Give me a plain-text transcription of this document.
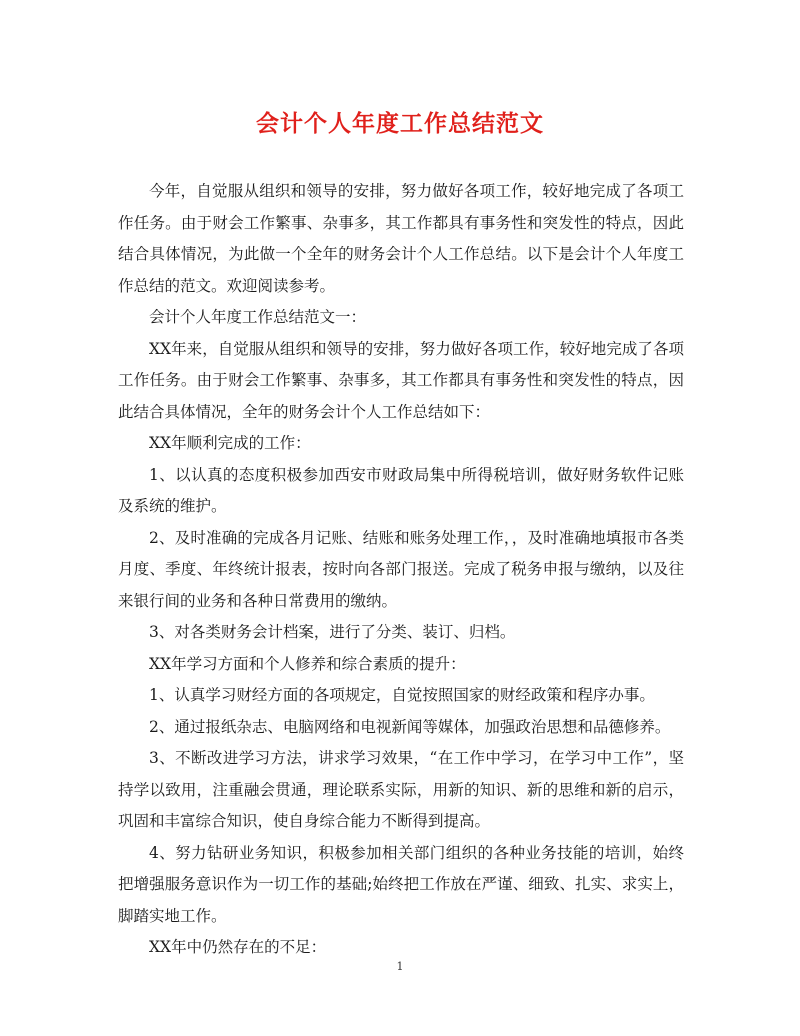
会计个人年度工作总结范文

今年，自觉服从组织和领导的安排，努力做好各项工作，较好地完成了各项工作任务。由于财会工作繁事、杂事多，其工作都具有事务性和突发性的特点，因此结合具体情况，为此做一个全年的财务会计个人工作总结。以下是会计个人年度工作总结的范文。欢迎阅读参考。

会计个人年度工作总结范文一：

XX年来，自觉服从组织和领导的安排，努力做好各项工作，较好地完成了各项工作任务。由于财会工作繁事、杂事多，其工作都具有事务性和突发性的特点，因此结合具体情况，全年的财务会计个人工作总结如下：

XX年顺利完成的工作：

1、以认真的态度积极参加西安市财政局集中所得税培训，做好财务软件记账及系统的维护。

2、及时准确的完成各月记账、结账和账务处理工作，，及时准确地填报市各类月度、季度、年终统计报表，按时向各部门报送。完成了税务申报与缴纳，以及往来银行间的业务和各种日常费用的缴纳。

3、对各类财务会计档案，进行了分类、装订、归档。

XX年学习方面和个人修养和综合素质的提升：

1、认真学习财经方面的各项规定，自觉按照国家的财经政策和程序办事。

2、通过报纸杂志、电脑网络和电视新闻等媒体，加强政治思想和品德修养。

3、不断改进学习方法，讲求学习效果，“在工作中学习，在学习中工作”，坚持学以致用，注重融会贯通，理论联系实际，用新的知识、新的思维和新的启示，巩固和丰富综合知识，使自身综合能力不断得到提高。

4、努力钻研业务知识，积极参加相关部门组织的各种业务技能的培训，始终把增强服务意识作为一切工作的基础;始终把工作放在严谨、细致、扎实、求实上，脚踏实地工作。

XX年中仍然存在的不足：

1
